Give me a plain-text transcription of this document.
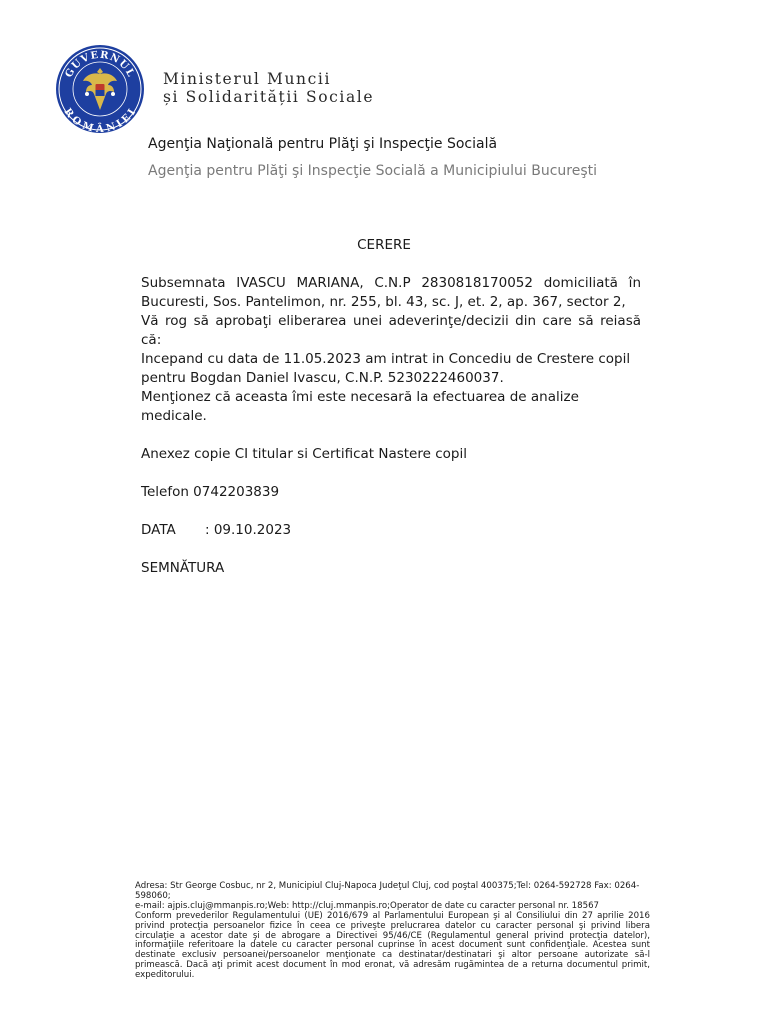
GUVERNUL
ROMÂNIEI
Ministerul Muncii
și Solidarității Sociale
Agenţia Naţională pentru Plăţi şi Inspecţie Socială
Agenţia pentru Plăţi şi Inspecţie Socială a Municipiului Bucureşti
CERERE

Subsemnata IVASCU MARIANA, C.N.P 2830818170052 domiciliată în Bucuresti, Sos. Pantelimon, nr. 255, bl. 43, sc. J, et. 2, ap. 367, sector 2,

Vă rog să aprobaţi eliberarea unei adeverinţe/decizii din care să reiasă că:

Incepand cu data de 11.05.2023 am intrat in Concediu de Crestere copil pentru Bogdan Daniel Ivascu, C.N.P. 5230222460037.

Menţionez că aceasta îmi este necesară la efectuarea de analize medicale.

Anexez copie CI titular si Certificat Nastere copil

Telefon 0742203839

DATA : 09.10.2023

SEMNĂTURA

Adresa: Str George Cosbuc, nr 2, Municipiul Cluj-Napoca Judeţul Cluj, cod poştal 400375;Tel: 0264-592728 Fax: 0264-598060;

e-mail: ajpis.cluj@mmanpis.ro;Web: http://cluj.mmanpis.ro;Operator de date cu caracter personal nr. 18567

Conform prevederilor Regulamentului (UE) 2016/679 al Parlamentului European şi al Consiliului din 27 aprilie 2016 privind protecţia persoanelor fizice în ceea ce priveşte prelucrarea datelor cu caracter personal şi privind libera circulaţie a acestor date şi de abrogare a Directivei 95/46/CE (Regulamentul general privind protecţia datelor), informaţiile referitoare la datele cu caracter personal cuprinse în acest document sunt confidenţiale. Acestea sunt destinate exclusiv persoanei/persoanelor menţionate ca destinatar/destinatari şi altor persoane autorizate să-l primească. Dacă aţi primit acest document în mod eronat, vă adresăm rugămintea de a returna documentul primit, expeditorului.
